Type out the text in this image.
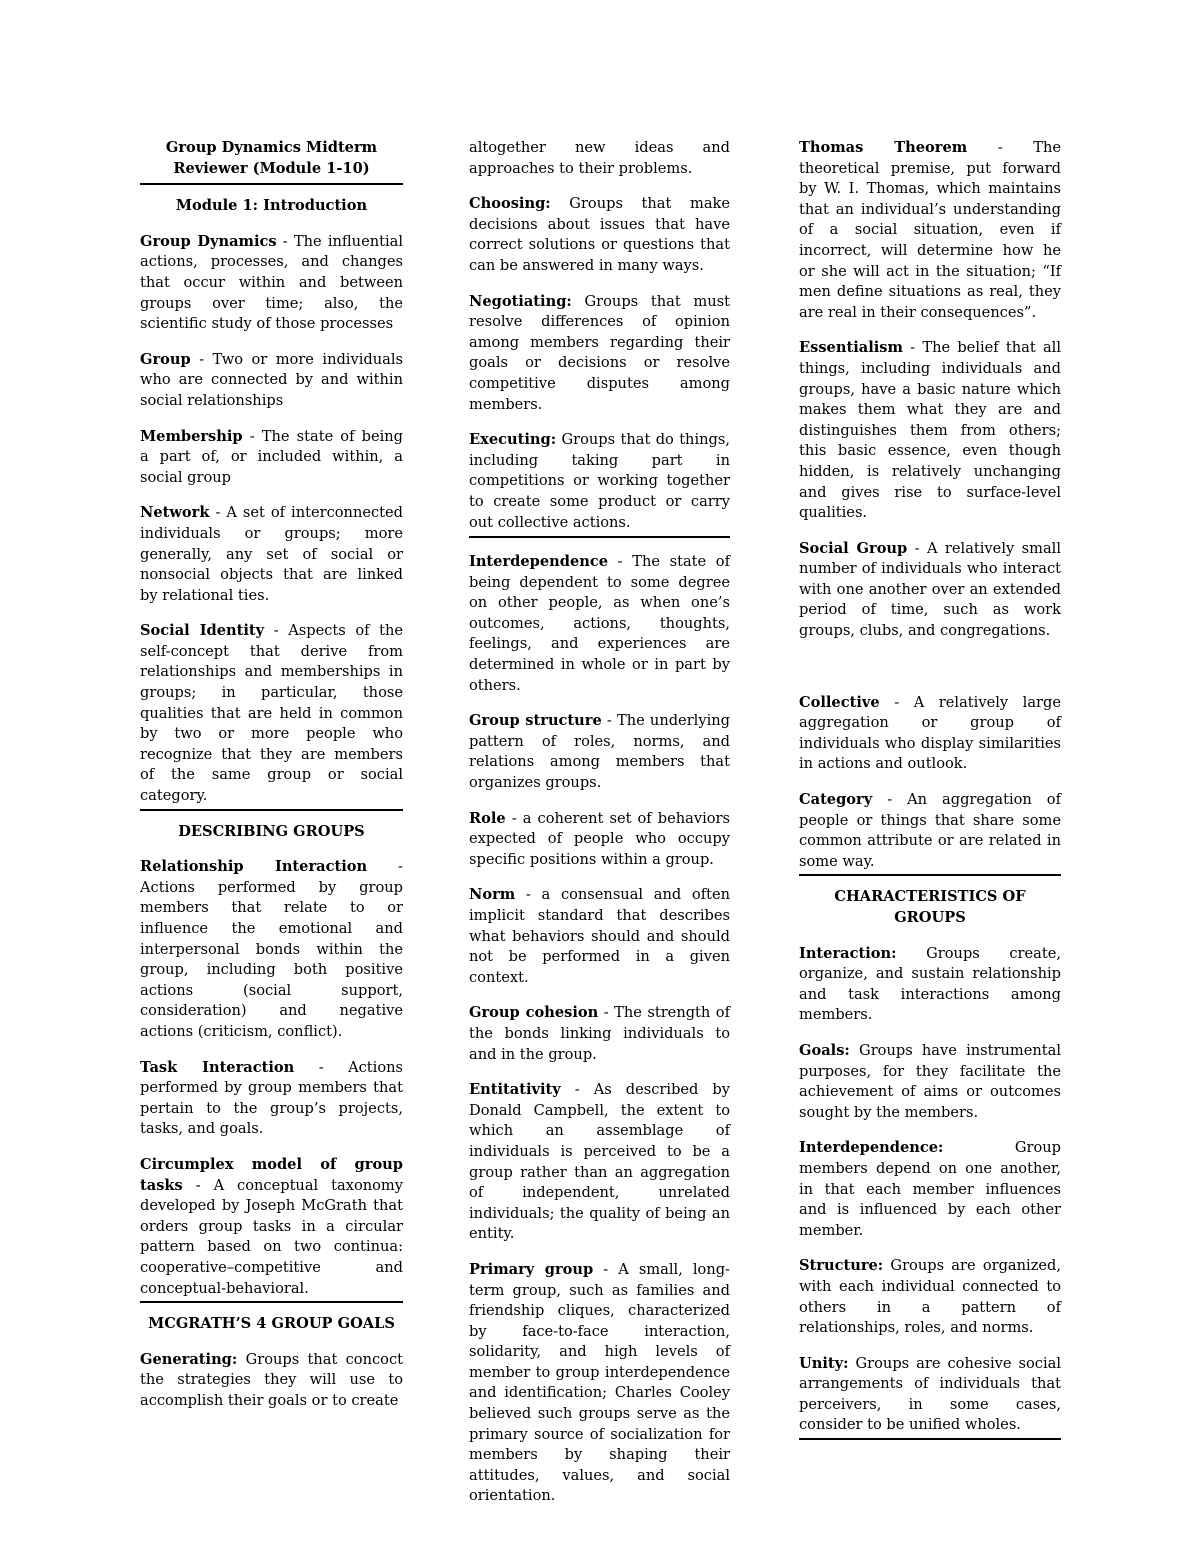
Group Dynamics Midterm
Reviewer (Module 1-10)
Module 1: Introduction
Group Dynamics - The influential actions, processes, and changes that occur within and between groups over time; also, the scientific study of those processes
Group - Two or more individuals who are connected by and within social relationships
Membership - The state of being a part of, or included within, a social group
Network - A set of interconnected individuals or groups; more generally, any set of social or nonsocial objects that are linked by relational ties.
Social Identity - Aspects of the self-concept that derive from relationships and memberships in groups; in particular, those qualities that are held in common by two or more people who recognize that they are members of the same group or social category.
DESCRIBING GROUPS
Relationship Interaction - Actions performed by group members that relate to or influence the emotional and interpersonal bonds within the group, including both positive actions (social support, consideration) and negative actions (criticism, conflict).
Task Interaction - Actions performed by group members that pertain to the group’s projects, tasks, and goals.
Circumplex model of group tasks - A conceptual taxonomy developed by Joseph McGrath that orders group tasks in a circular pattern based on two continua: cooperative–competitive and conceptual-behavioral.
MCGRATH’S 4 GROUP GOALS
Generating: Groups that concoct the strategies they will use to accomplish their goals or to create
altogether new ideas and approaches to their problems.
Choosing: Groups that make decisions about issues that have correct solutions or questions that can be answered in many ways.
Negotiating: Groups that must resolve differences of opinion among members regarding their goals or decisions or resolve competitive disputes among members.
Executing: Groups that do things, including taking part in competitions or working together to create some product or carry out collective actions.
Interdependence - The state of being dependent to some degree on other people, as when one’s outcomes, actions, thoughts, feelings, and experiences are determined in whole or in part by others.
Group structure - The underlying pattern of roles, norms, and relations among members that organizes groups.
Role - a coherent set of behaviors expected of people who occupy specific positions within a group.
Norm - a consensual and often implicit standard that describes what behaviors should and should not be performed in a given context.
Group cohesion - The strength of the bonds linking individuals to and in the group.
Entitativity - As described by Donald Campbell, the extent to which an assemblage of individuals is perceived to be a group rather than an aggregation of independent, unrelated individuals; the quality of being an entity.
Primary group - A small, long-term group, such as families and friendship cliques, characterized by face-to-face interaction, solidarity, and high levels of member to group interdependence and identification; Charles Cooley believed such groups serve as the primary source of socialization for members by shaping their attitudes, values, and social orientation.
Thomas Theorem - The theoretical premise, put forward by W. I. Thomas, which maintains that an individual’s understanding of a social situation, even if incorrect, will determine how he or she will act in the situation; “If men define situations as real, they are real in their consequences”.
Essentialism - The belief that all things, including individuals and groups, have a basic nature which makes them what they are and distinguishes them from others; this basic essence, even though hidden, is relatively unchanging and gives rise to surface-level qualities.
Social Group - A relatively small number of individuals who interact with one another over an extended period of time, such as work groups, clubs, and congregations.
Collective - A relatively large aggregation or group of individuals who display similarities in actions and outlook.
Category - An aggregation of people or things that share some common attribute or are related in some way.
CHARACTERISTICS OF GROUPS
Interaction: Groups create, organize, and sustain relationship and task interactions among members.
Goals: Groups have instrumental purposes, for they facilitate the achievement of aims or outcomes sought by the members.
Interdependence:	Group members depend on one another, in that each member influences and is influenced by each other member.
Structure: Groups are organized, with each individual connected to others in a pattern of relationships, roles, and norms.
Unity: Groups are cohesive social arrangements of individuals that perceivers, in some cases, consider to be unified wholes.
